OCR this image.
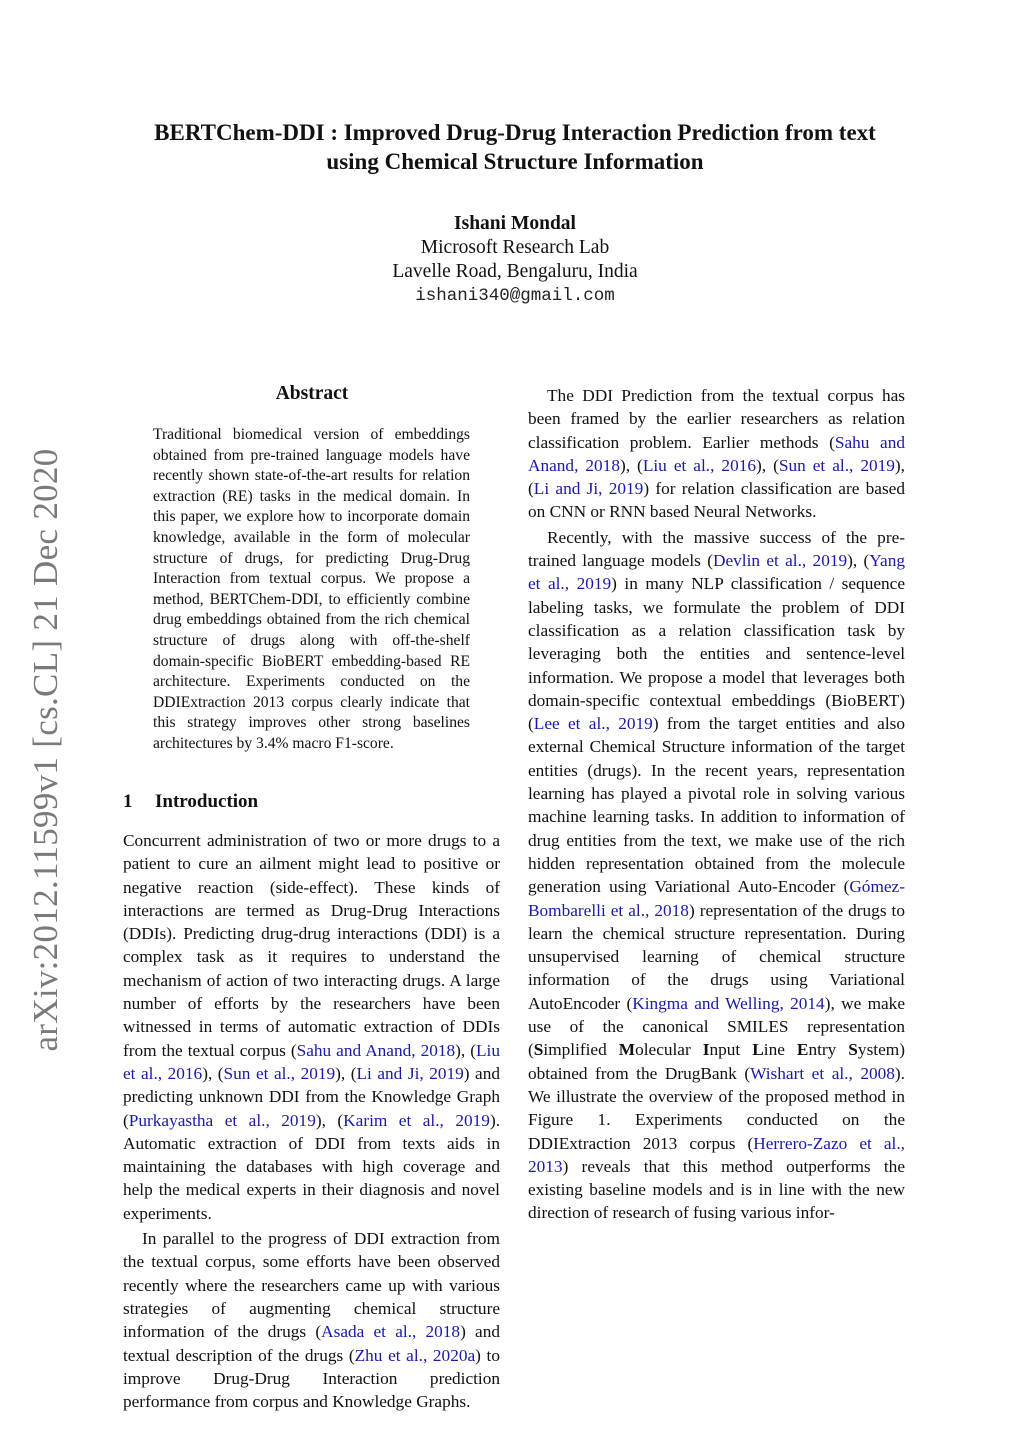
arXiv:2012.11599v1 [cs.CL] 21 Dec 2020
BERTChem-DDI : Improved Drug-Drug Interaction Prediction from text
using Chemical Structure Information
Ishani Mondal
Microsoft Research Lab
Lavelle Road, Bengaluru, India
ishani340@gmail.com
Abstract
Traditional biomedical version of embeddings obtained from pre-trained language models have recently shown state-of-the-art results for relation extraction (RE) tasks in the medical domain. In this paper, we explore how to incorporate domain knowledge, available in the form of molecular structure of drugs, for predicting Drug-Drug Interaction from textual corpus. We propose a method, BERTChem-DDI, to efficiently combine drug embeddings obtained from the rich chemical structure of drugs along with off-the-shelf domain-specific BioBERT embedding-based RE architecture. Experiments conducted on the DDIExtraction 2013 corpus clearly indicate that this strategy improves other strong baselines architectures by 3.4% macro F1-score.
1 Introduction

Concurrent administration of two or more drugs to a patient to cure an ailment might lead to positive or negative reaction (side-effect). These kinds of interactions are termed as Drug-Drug Interactions (DDIs). Predicting drug-drug interactions (DDI) is a complex task as it requires to understand the mechanism of action of two interacting drugs. A large number of efforts by the researchers have been witnessed in terms of automatic extraction of DDIs from the textual corpus (Sahu and Anand, 2018), (Liu et al., 2016), (Sun et al., 2019), (Li and Ji, 2019) and predicting unknown DDI from the Knowledge Graph (Purkayastha et al., 2019), (Karim et al., 2019). Automatic extraction of DDI from texts aids in maintaining the databases with high coverage and help the medical experts in their diagnosis and novel experiments.

In parallel to the progress of DDI extraction from the textual corpus, some efforts have been observed recently where the researchers came up with various strategies of augmenting chemical structure information of the drugs (Asada et al., 2018) and textual description of the drugs (Zhu et al., 2020a) to improve Drug-Drug Interaction prediction performance from corpus and Knowledge Graphs.

The DDI Prediction from the textual corpus has been framed by the earlier researchers as relation classification problem. Earlier methods (Sahu and Anand, 2018), (Liu et al., 2016), (Sun et al., 2019), (Li and Ji, 2019) for relation classification are based on CNN or RNN based Neural Networks.

Recently, with the massive success of the pre-trained language models (Devlin et al., 2019), (Yang et al., 2019) in many NLP classification / sequence labeling tasks, we formulate the problem of DDI classification as a relation classification task by leveraging both the entities and sentence-level information. We propose a model that leverages both domain-specific contextual embeddings (BioBERT) (Lee et al., 2019) from the target entities and also external Chemical Structure information of the target entities (drugs). In the recent years, representation learning has played a pivotal role in solving various machine learning tasks. In addition to information of drug entities from the text, we make use of the rich hidden representation obtained from the molecule generation using Variational Auto-Encoder (Gómez-Bombarelli et al., 2018) representation of the drugs to learn the chemical structure representation. During unsupervised learning of chemical structure information of the drugs using Variational AutoEncoder (Kingma and Welling, 2014), we make use of the canonical SMILES representation (Simplified Molecular Input Line Entry System) obtained from the DrugBank (Wishart et al., 2008). We illustrate the overview of the proposed method in Figure 1. Experiments conducted on the DDIExtraction 2013 corpus (Herrero-Zazo et al., 2013) reveals that this method outperforms the existing baseline models and is in line with the new direction of research of fusing various infor-
